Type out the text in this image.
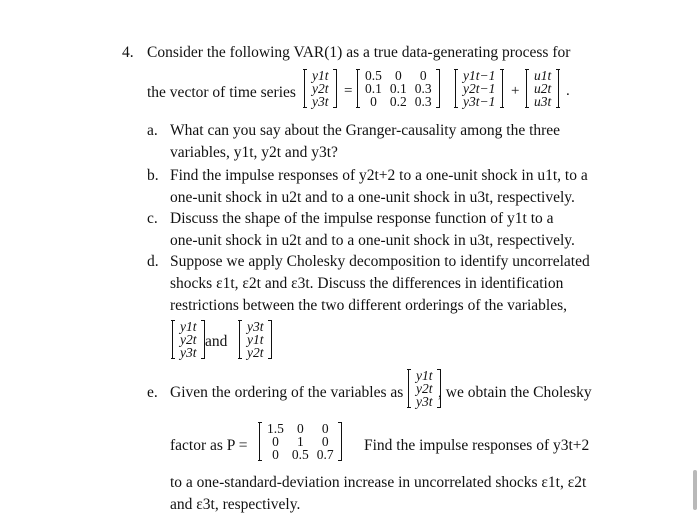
4. Consider the following VAR(1) as a true data-generating process for
the vector of time series
y1t
y2t
y3t
=
0.5	0	0
0.1	0.1	0.3
0	0.2	0.3
y1t−1
y2t−1
y3t−1
+
u1t
u2t
u3t
.
a. What can you say about the Granger-causality among the three
variables, y1t, y2t and y3t?
b. Find the impulse responses of y2t+2 to a one-unit shock in u1t, to a
one-unit shock in u2t and to a one-unit shock in u3t, respectively.
c. Discuss the shape of the impulse response function of y1t to a
one-unit shock in u2t and to a one-unit shock in u3t, respectively.
d. Suppose we apply Cholesky decomposition to identify uncorrelated
shocks ε1t, ε2t and ε3t. Discuss the differences in identification
restrictions between the two different orderings of the variables,
y1t
y2t
y3t
and
y3t
y1t
y2t
e. Given the ordering of the variables as
y1t
y2t
y3t
, we obtain the Cholesky
factor as P =
1.5	0	0
0	1	0
0	0.5	0.7
Find the impulse responses of y3t+2
to a one-standard-deviation increase in uncorrelated shocks ε1t, ε2t
and ε3t, respectively.
